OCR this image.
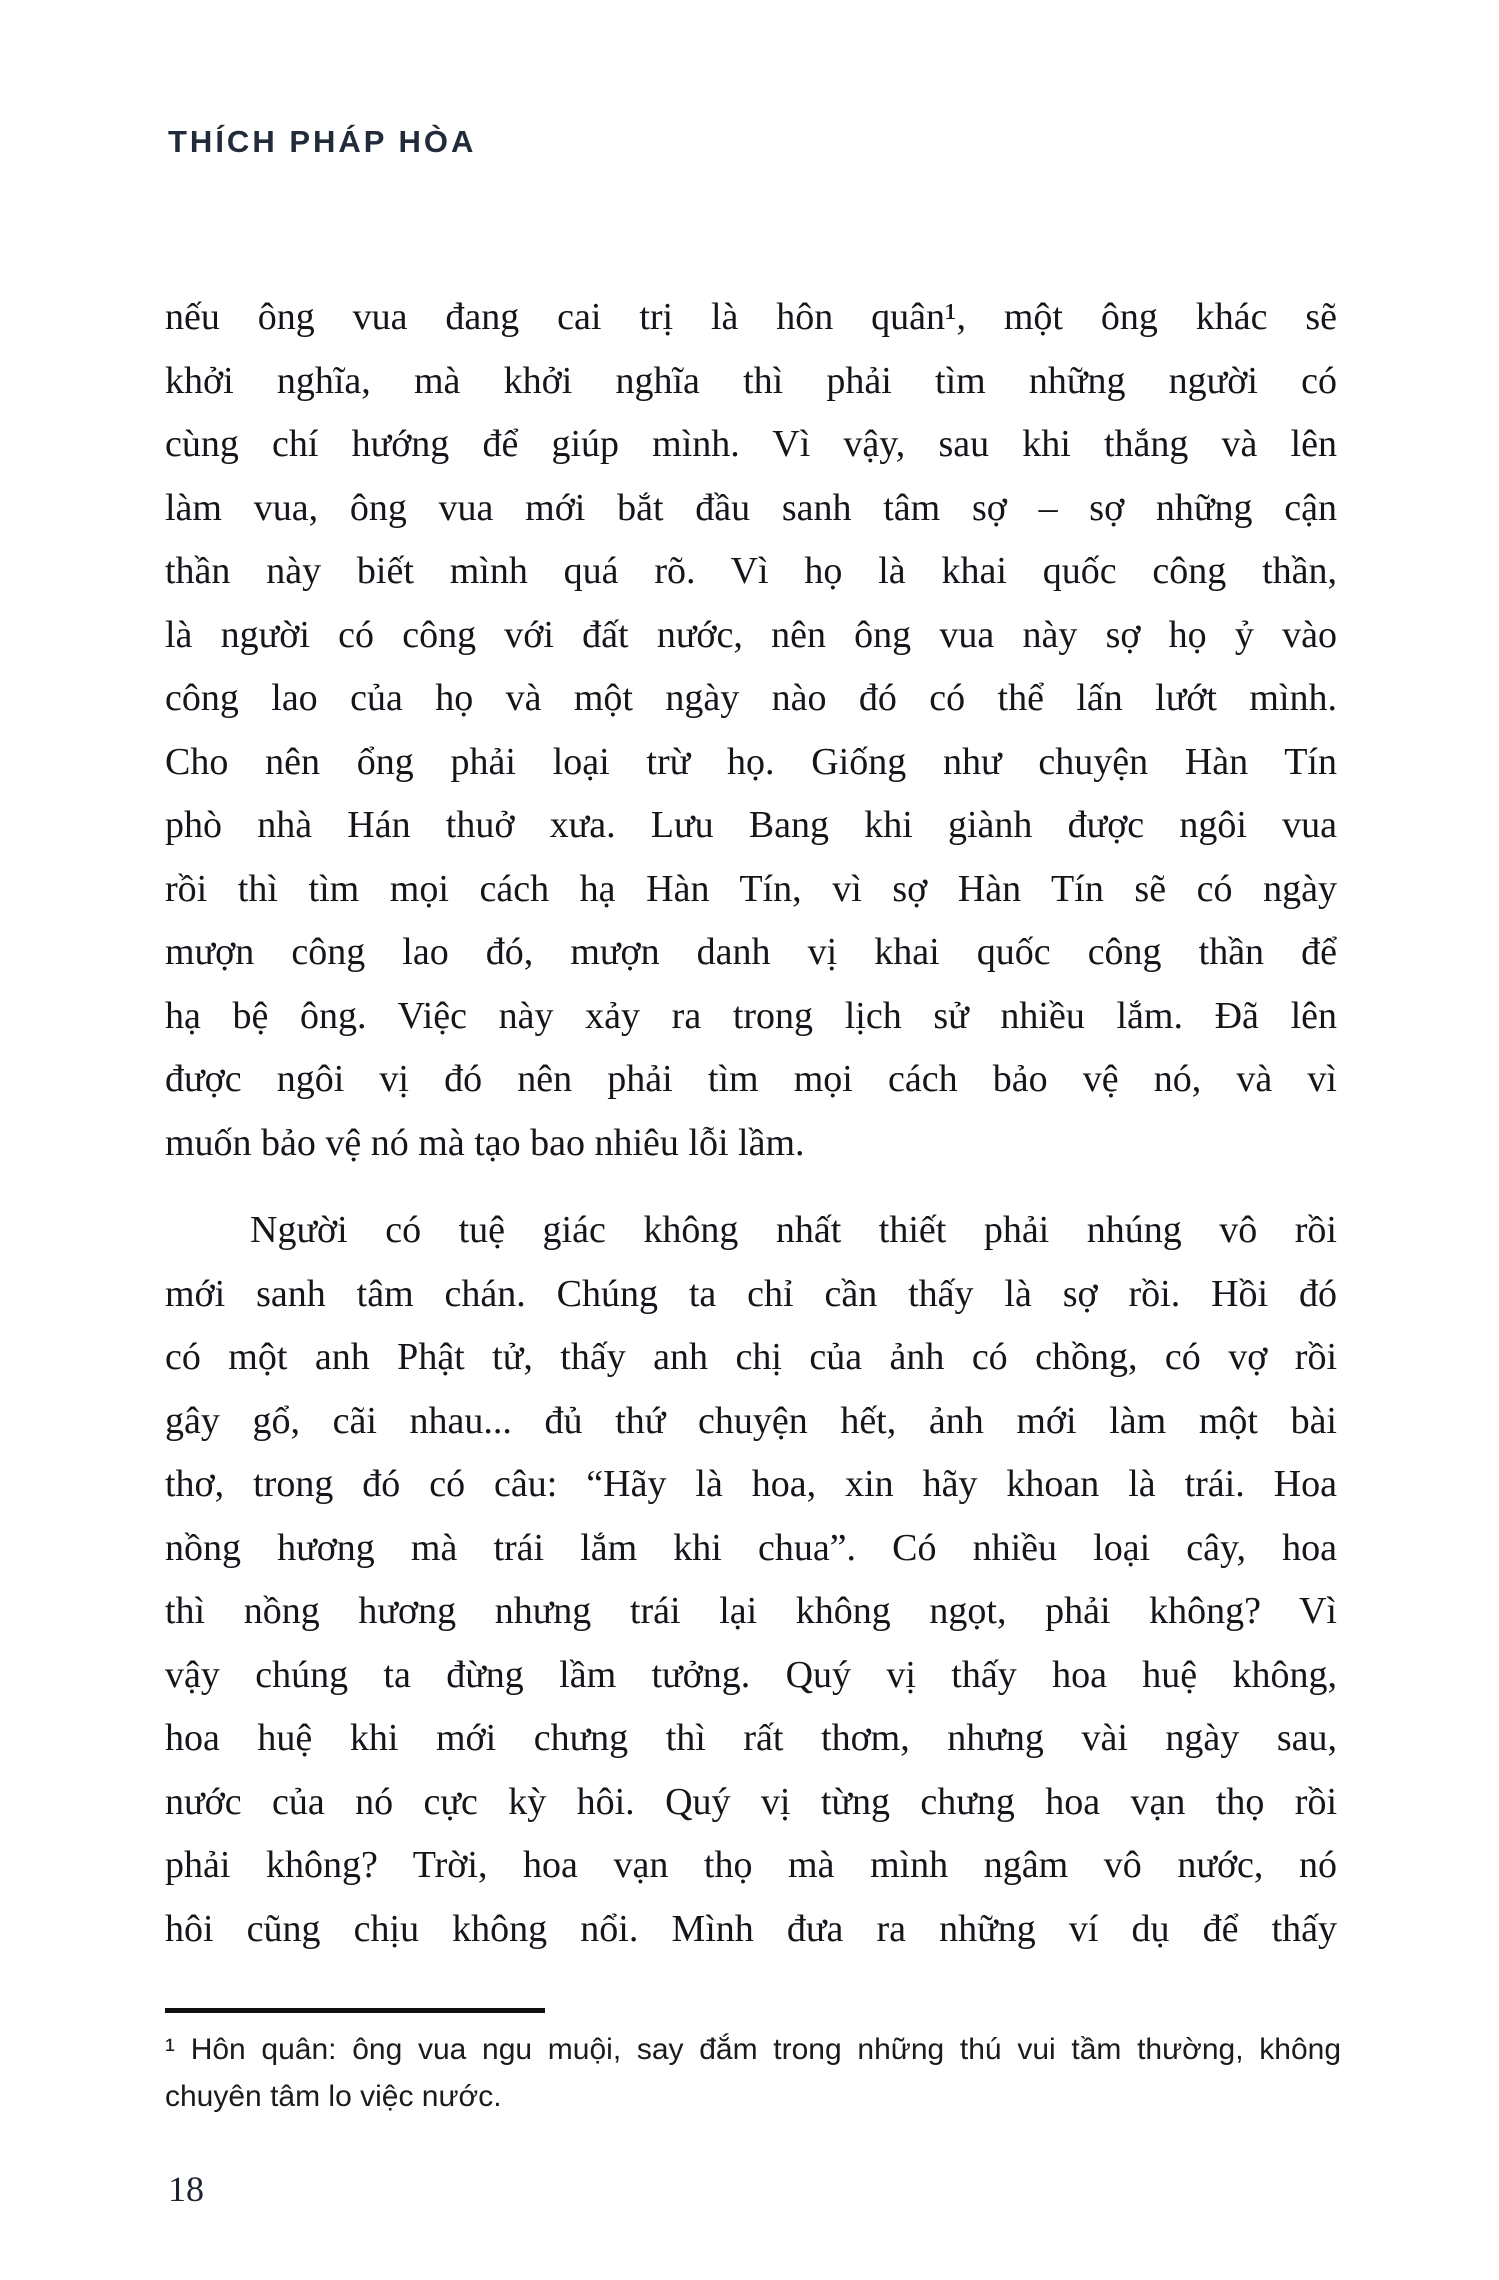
THÍCH PHÁP HÒA
nếu ông vua đang cai trị là hôn quân¹, một ông khác sẽ
khởi nghĩa, mà khởi nghĩa thì phải tìm những người có
cùng chí hướng để giúp mình. Vì vậy, sau khi thắng và lên
làm vua, ông vua mới bắt đầu sanh tâm sợ – sợ những cận
thần này biết mình quá rõ. Vì họ là khai quốc công thần,
là người có công với đất nước, nên ông vua này sợ họ ỷ vào
công lao của họ và một ngày nào đó có thể lấn lướt mình.
Cho nên ổng phải loại trừ họ. Giống như chuyện Hàn Tín
phò nhà Hán thuở xưa. Lưu Bang khi giành được ngôi vua
rồi thì tìm mọi cách hạ Hàn Tín, vì sợ Hàn Tín sẽ có ngày
mượn công lao đó, mượn danh vị khai quốc công thần để
hạ bệ ông. Việc này xảy ra trong lịch sử nhiều lắm. Đã lên
được ngôi vị đó nên phải tìm mọi cách bảo vệ nó, và vì
muốn bảo vệ nó mà tạo bao nhiêu lỗi lầm.
Người có tuệ giác không nhất thiết phải nhúng vô rồi
mới sanh tâm chán. Chúng ta chỉ cần thấy là sợ rồi. Hồi đó
có một anh Phật tử, thấy anh chị của ảnh có chồng, có vợ rồi
gây gổ, cãi nhau... đủ thứ chuyện hết, ảnh mới làm một bài
thơ, trong đó có câu: “Hãy là hoa, xin hãy khoan là trái. Hoa
nồng hương mà trái lắm khi chua”. Có nhiều loại cây, hoa
thì nồng hương nhưng trái lại không ngọt, phải không? Vì
vậy chúng ta đừng lầm tưởng. Quý vị thấy hoa huệ không,
hoa huệ khi mới chưng thì rất thơm, nhưng vài ngày sau,
nước của nó cực kỳ hôi. Quý vị từng chưng hoa vạn thọ rồi
phải không? Trời, hoa vạn thọ mà mình ngâm vô nước, nó
hôi cũng chịu không nổi. Mình đưa ra những ví dụ để thấy
¹ Hôn quân: ông vua ngu muội, say đắm trong những thú vui tầm thường, không
chuyên tâm lo việc nước.
18
